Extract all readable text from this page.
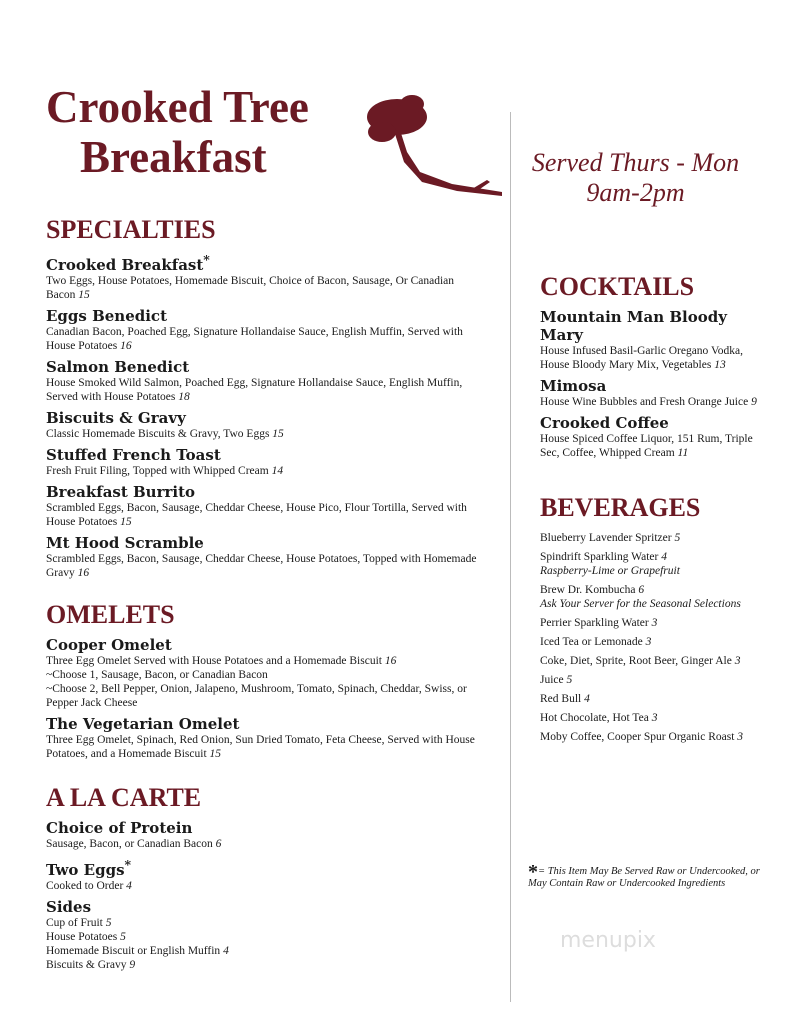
Crooked Tree
Breakfast	Served Thurs - Mon
9am-2pm
SPECIALTIES
Crooked Breakfast*
Two Eggs, House Potatoes, Homemade Biscuit, Choice of Bacon, Sausage, Or Canadian Bacon 15
Eggs Benedict
Canadian Bacon, Poached Egg, Signature Hollandaise Sauce, English Muffin, Served with House Potatoes 16
Salmon Benedict
House Smoked Wild Salmon, Poached Egg, Signature Hollandaise Sauce, English Muffin, Served with House Potatoes 18
Biscuits & Gravy
Classic Homemade Biscuits & Gravy, Two Eggs 15
Stuffed French Toast
Fresh Fruit Filing, Topped with Whipped Cream 14
Breakfast Burrito
Scrambled Eggs, Bacon, Sausage, Cheddar Cheese, House Pico, Flour Tortilla, Served with House Potatoes 15
Mt Hood Scramble
Scrambled Eggs, Bacon, Sausage, Cheddar Cheese, House Potatoes, Topped with Homemade Gravy 16
OMELETS
Cooper Omelet
Three Egg Omelet Served with House Potatoes and a Homemade Biscuit 16
~Choose 1, Sausage, Bacon, or Canadian Bacon
~Choose 2, Bell Pepper, Onion, Jalapeno, Mushroom, Tomato, Spinach, Cheddar, Swiss, or Pepper Jack Cheese
The Vegetarian Omelet
Three Egg Omelet, Spinach, Red Onion, Sun Dried Tomato, Feta Cheese, Served with House Potatoes, and a Homemade Biscuit 15
A LA CARTE
Choice of Protein
Sausage, Bacon, or Canadian Bacon 6
Two Eggs*
Cooked to Order 4
Sides
Cup of Fruit 5
House Potatoes 5
Homemade Biscuit or English Muffin 4
Biscuits & Gravy 9
COCKTAILS
Mountain Man Bloody Mary
House Infused Basil-Garlic Oregano Vodka, House Bloody Mary Mix, Vegetables 13
Mimosa
House Wine Bubbles and Fresh Orange Juice 9
Crooked Coffee
House Spiced Coffee Liquor, 151 Rum, Triple Sec, Coffee, Whipped Cream 11
BEVERAGES
Blueberry Lavender Spritzer 5
Spindrift Sparkling Water 4
Raspberry-Lime or Grapefruit
Brew Dr. Kombucha 6
Ask Your Server for the Seasonal Selections
Perrier Sparkling Water 3
Iced Tea or Lemonade 3
Coke, Diet, Sprite, Root Beer, Ginger Ale 3
Juice 5
Red Bull 4
Hot Chocolate, Hot Tea 3
Moby Coffee, Cooper Spur Organic Roast 3
*= This Item May Be Served Raw or Undercooked, or May Contain Raw or Undercooked Ingredients
menupix
